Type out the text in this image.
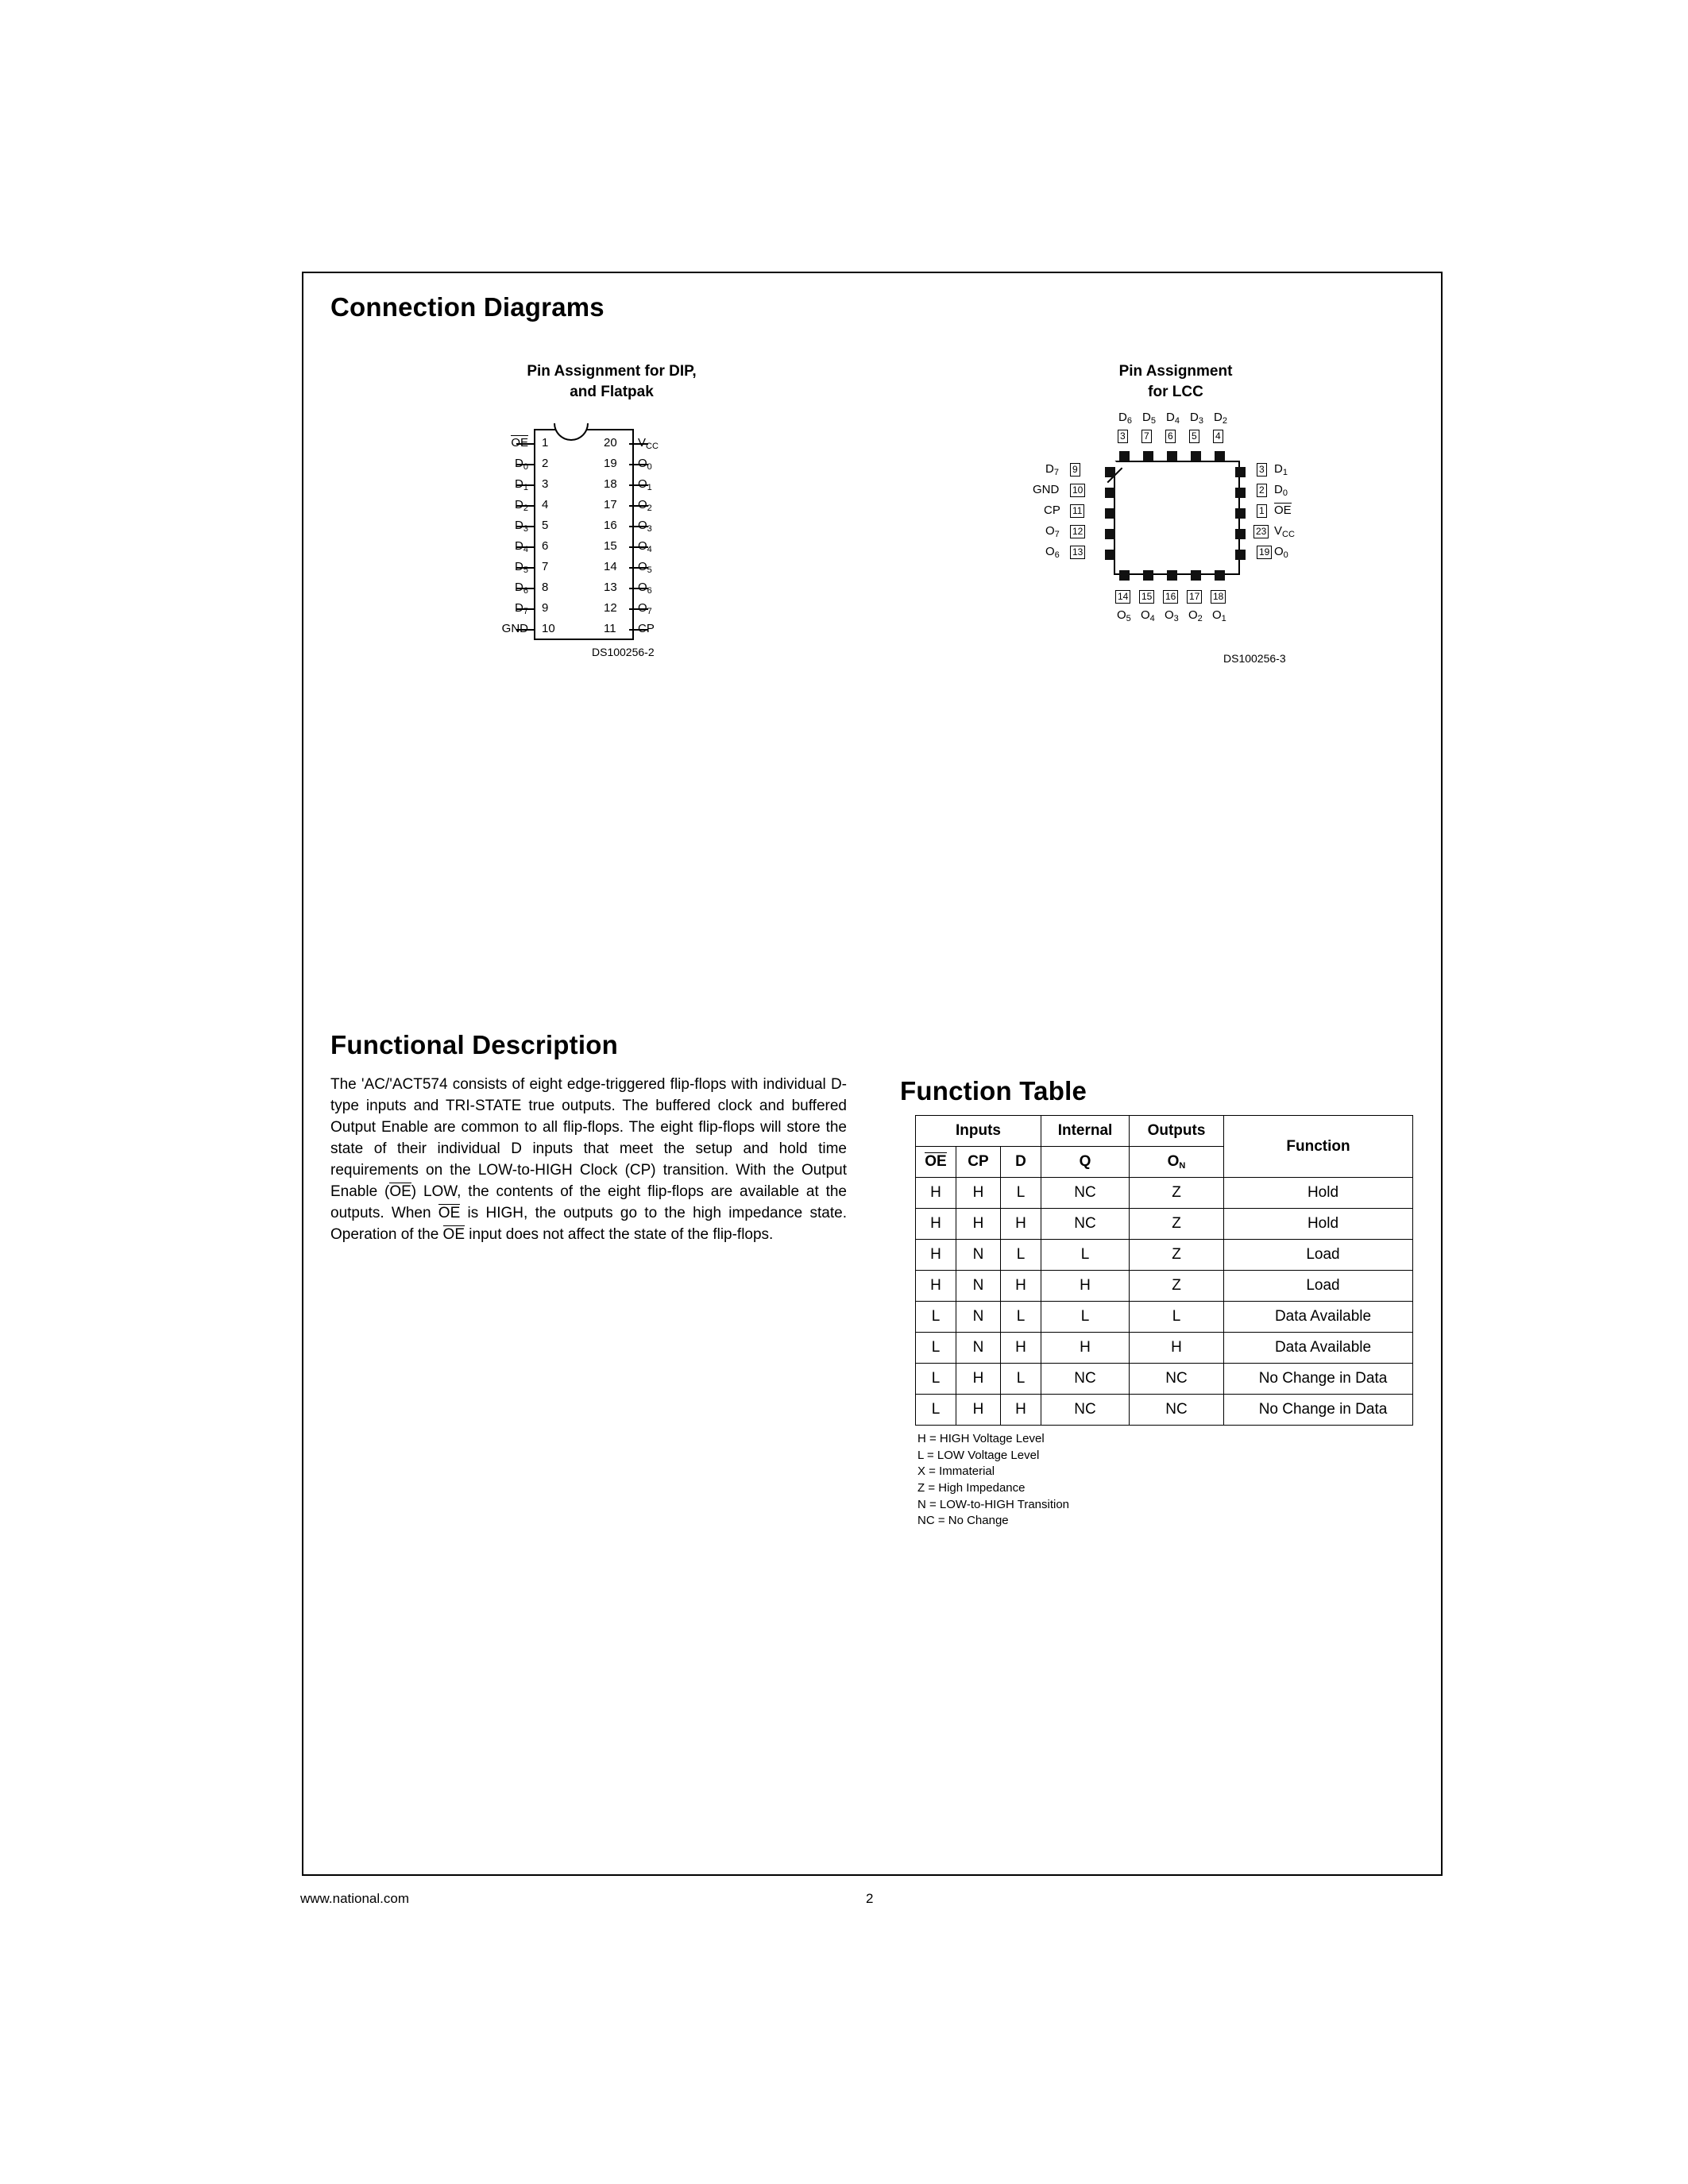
Connection Diagrams
Pin Assignment for DIP,
and Flatpak
OE 1	20 $V_{CC}$
$D_0$ 2	19 $O_0$
$D_1$ 3	18 $O_1$
$D_2$ 4	17 $O_2$
$D_3$ 5	16 $O_3$
$D_4$ 6	15 $O_4$
$D_5$ 7	14 $O_5$
$D_6$ 8	13 $O_6$
$D_7$ 9	12 $O_7$
GND 10	11 CP
DS100256-2
Pin Assignment
for LCC
$D_6$ $D_5$ $D_4$ $D_3$ $D_2$
3 7 6 5 4
$D_7$ 9
GND 10
CP 11
$O_7$ 12
$O_6$ 13
3 $D_1$
2 $D_0$
1 OE
23 $V_{CC}$
19 $O_0$
14 15 16 17 18
$O_5$ $O_4$ $O_3$ $O_2$ $O_1$
DS100256-3
Functional Description

The 'AC/'ACT574 consists of eight edge-triggered flip-flops with individual D-type inputs and TRI-STATE true outputs. The buffered clock and buffered Output Enable are common to all flip-flops. The eight flip-flops will store the state of their individual D inputs that meet the setup and hold time requirements on the LOW-to-HIGH Clock (CP) transition. With the Output Enable (OE) LOW, the contents of the eight flip-flops are available at the outputs. When OE is HIGH, the outputs go to the high impedance state. Operation of the OE input does not affect the state of the flip-flops.

Function Table
Inputs			Internal	Outputs	Function
OE	CP	D	Q	$O_N$
H	H	L	NC	Z	Hold
H	H	H	NC	Z	Hold
H	N	L	L	Z	Load
H	N	H	H	Z	Load
L	N	L	L	L	Data Available
L	N	H	H	H	Data Available
L	H	L	NC	NC	No Change in Data
L	H	H	NC	NC	No Change in Data
H = HIGH Voltage Level
L = LOW Voltage Level
X = Immaterial
Z = High Impedance
N = LOW-to-HIGH Transition
NC = No Change
www.national.com	2
